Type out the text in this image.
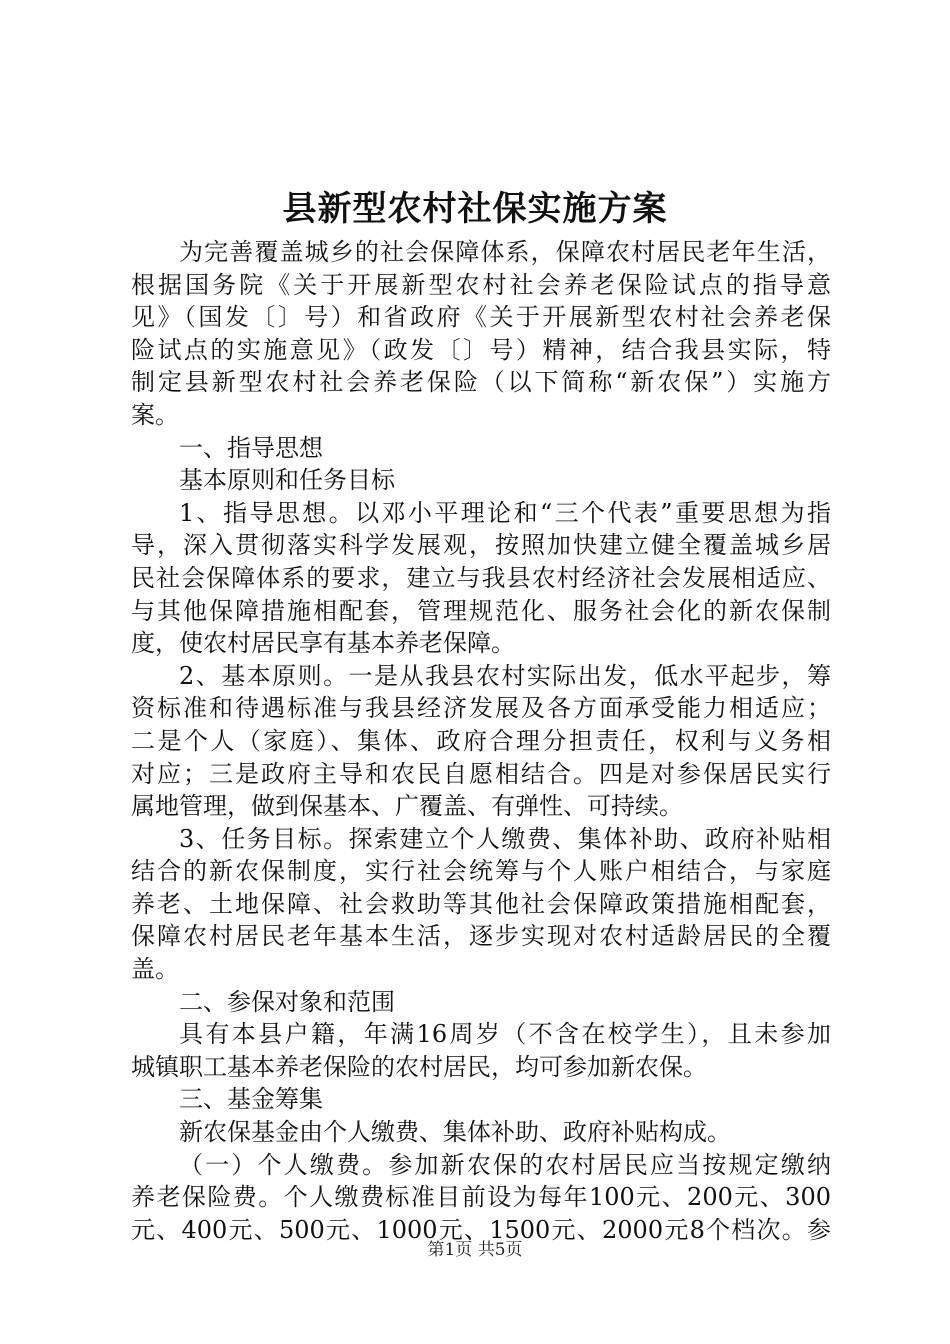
县新型农村社保实施方案
为完善覆盖城乡的社会保障体系，保障农村居民老年生活，
根据国务院《关于开展新型农村社会养老保险试点的指导意
见》（国发〔〕号）和省政府《关于开展新型农村社会养老保
险试点的实施意见》（政发〔〕号）精神，结合我县实际，特
制定县新型农村社会养老保险（以下简称“新农保”）实施方
案。
一、指导思想
基本原则和任务目标
1、指导思想。以邓小平理论和“三个代表”重要思想为指
导，深入贯彻落实科学发展观，按照加快建立健全覆盖城乡居
民社会保障体系的要求，建立与我县农村经济社会发展相适应、
与其他保障措施相配套，管理规范化、服务社会化的新农保制
度，使农村居民享有基本养老保障。
2、基本原则。一是从我县农村实际出发，低水平起步，筹
资标准和待遇标准与我县经济发展及各方面承受能力相适应；
二是个人（家庭）、集体、政府合理分担责任，权利与义务相
对应；三是政府主导和农民自愿相结合。四是对参保居民实行
属地管理，做到保基本、广覆盖、有弹性、可持续。
3、任务目标。探索建立个人缴费、集体补助、政府补贴相
结合的新农保制度，实行社会统筹与个人账户相结合，与家庭
养老、土地保障、社会救助等其他社会保障政策措施相配套，
保障农村居民老年基本生活，逐步实现对农村适龄居民的全覆
盖。
二、参保对象和范围
具有本县户籍，年满16周岁（不含在校学生），且未参加
城镇职工基本养老保险的农村居民，均可参加新农保。
三、基金筹集
新农保基金由个人缴费、集体补助、政府补贴构成。
（一）个人缴费。参加新农保的农村居民应当按规定缴纳
养老保险费。个人缴费标准目前设为每年100元、200元、300
元、400元、500元、1000元、1500元、2000元8个档次。参
第1页 共5页
